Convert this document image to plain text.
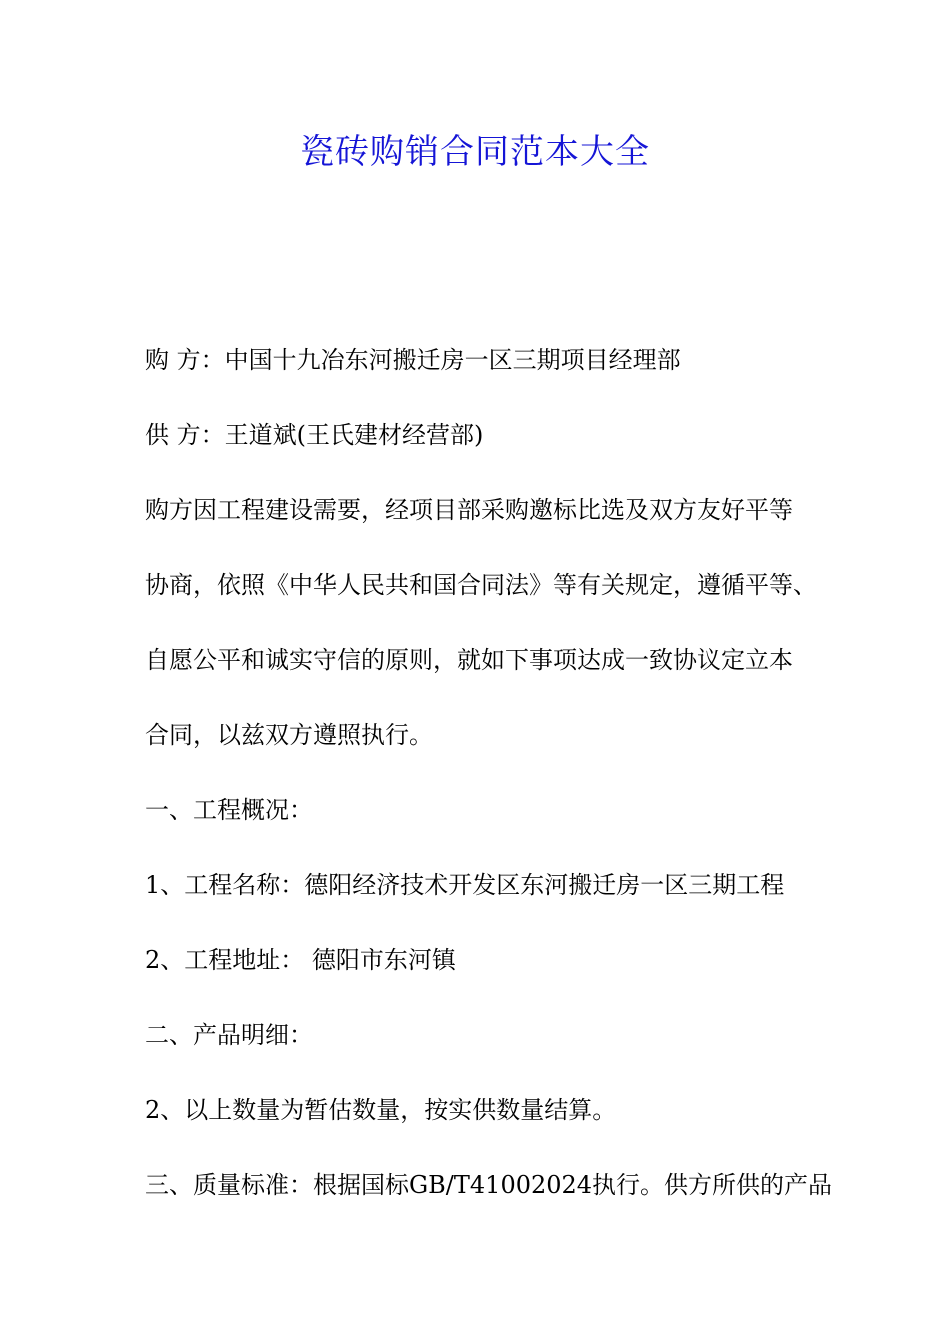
瓷砖购销合同范本大全
购 方：中国十九冶东河搬迁房一区三期项目经理部
供 方：王道斌(王氏建材经营部)
购方因工程建设需要，经项目部采购邀标比选及双方友好平等
协商，依照《中华人民共和国合同法》等有关规定，遵循平等、
自愿公平和诚实守信的原则，就如下事项达成一致协议定立本
合同，以兹双方遵照执行。
一、工程概况：
1、工程名称：德阳经济技术开发区东河搬迁房一区三期工程
2、工程地址： 德阳市东河镇
二、产品明细：
2、以上数量为暂估数量，按实供数量结算。
三、质量标准：根据国标GB/T41002024执行。供方所供的产品
